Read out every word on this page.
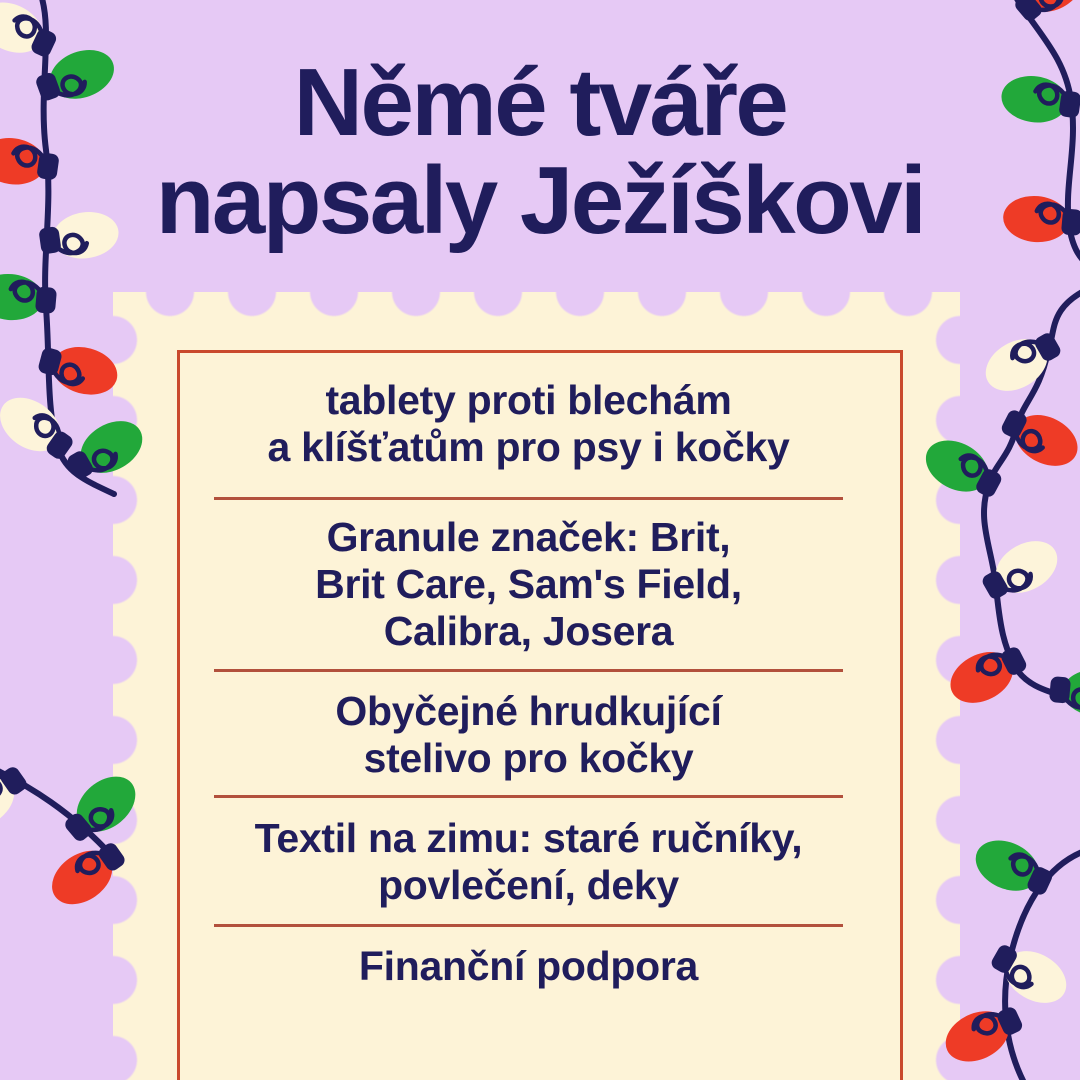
Němé tváře
napsaly Ježíškovi
tablety proti blechám
a klíšťatům pro psy i kočky
Granule značek: Brit,
Brit Care, Sam's Field,
Calibra, Josera
Obyčejné hrudkující
stelivo pro kočky
Textil na zimu: staré ručníky,
povlečení, deky
Finanční podpora
